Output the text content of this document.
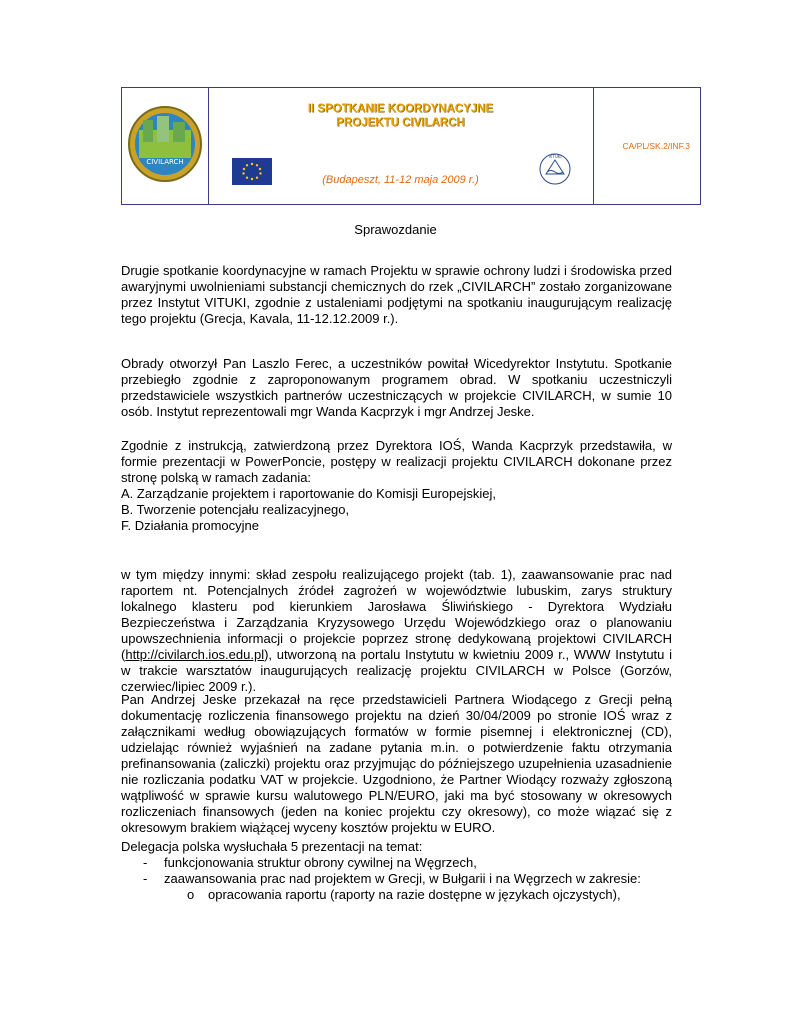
CIVILARCH
II SPOTKANIE KOORDYNACYJNE
PROJEKTU CIVILARCH
VITUKI
(Budapeszt, 11-12 maja 2009 r.)
CA/PL/SK.2/INF.3
Sprawozdanie

Drugie spotkanie koordynacyjne w ramach Projektu w sprawie ochrony ludzi i środowiska przed awaryjnymi uwolnieniami substancji chemicznych do rzek „CIVILARCH” zostało zorganizowane przez Instytut VITUKI, zgodnie z ustaleniami podjętymi na spotkaniu inaugurującym realizację tego projektu (Grecja, Kavala, 11-12.12.2009 r.).

Obrady otworzył Pan Laszlo Ferec, a uczestników powitał Wicedyrektor Instytutu. Spotkanie przebiegło zgodnie z zaproponowanym programem obrad. W spotkaniu uczestniczyli przedstawiciele wszystkich partnerów uczestniczących w projekcie CIVILARCH, w sumie 10 osób. Instytut reprezentowali mgr Wanda Kacprzyk i mgr Andrzej Jeske.

Zgodnie z instrukcją, zatwierdzoną przez Dyrektora IOŚ, Wanda Kacprzyk przedstawiła, w formie prezentacji w PowerPoncie, postępy w realizacji projektu CIVILARCH dokonane przez stronę polską w ramach zadania:

A. Zarządzanie projektem i raportowanie do Komisji Europejskiej,
B. Tworzenie potencjału realizacyjnego,
F. Działania promocyjne

w tym między innymi: skład zespołu realizującego projekt (tab. 1), zaawansowanie prac nad raportem nt. Potencjalnych źródeł zagrożeń w województwie lubuskim, zarys struktury lokalnego klasteru pod kierunkiem Jarosława Śliwińskiego - Dyrektora Wydziału Bezpieczeństwa i Zarządzania Kryzysowego Urzędu Wojewódzkiego oraz o planowaniu upowszechnienia informacji o projekcie poprzez stronę dedykowaną projektowi CIVILARCH (http://civilarch.ios.edu.pl), utworzoną na portalu Instytutu w kwietniu 2009 r., WWW Instytutu i w trakcie warsztatów inaugurujących realizację projektu CIVILARCH w Polsce (Gorzów, czerwiec/lipiec 2009 r.).

Pan Andrzej Jeske przekazał na ręce przedstawicieli Partnera Wiodącego z Grecji pełną dokumentację rozliczenia finansowego projektu na dzień 30/04/2009 po stronie IOŚ wraz z załącznikami według obowiązujących formatów w formie pisemnej i elektronicznej (CD), udzielając również wyjaśnień na zadane pytania m.in. o potwierdzenie faktu otrzymania prefinansowania (zaliczki) projektu oraz przyjmując do późniejszego uzupełnienia uzasadnienie nie rozliczania podatku VAT w projekcie. Uzgodniono, że Partner Wiodący rozważy zgłoszoną wątpliwość w sprawie kursu walutowego PLN/EURO, jaki ma być stosowany w okresowych rozliczeniach finansowych (jeden na koniec projektu czy okresowy), co może wiązać się z okresowym brakiem wiążącej wyceny kosztów projektu w EURO.

Delegacja polska wysłuchała 5 prezentacji na temat:
- funkcjonowania struktur obrony cywilnej na Węgrzech,
- zaawansowania prac nad projektem w Grecji, w Bułgarii i na Węgrzech w zakresie:
o opracowania raportu (raporty na razie dostępne w językach ojczystych),
